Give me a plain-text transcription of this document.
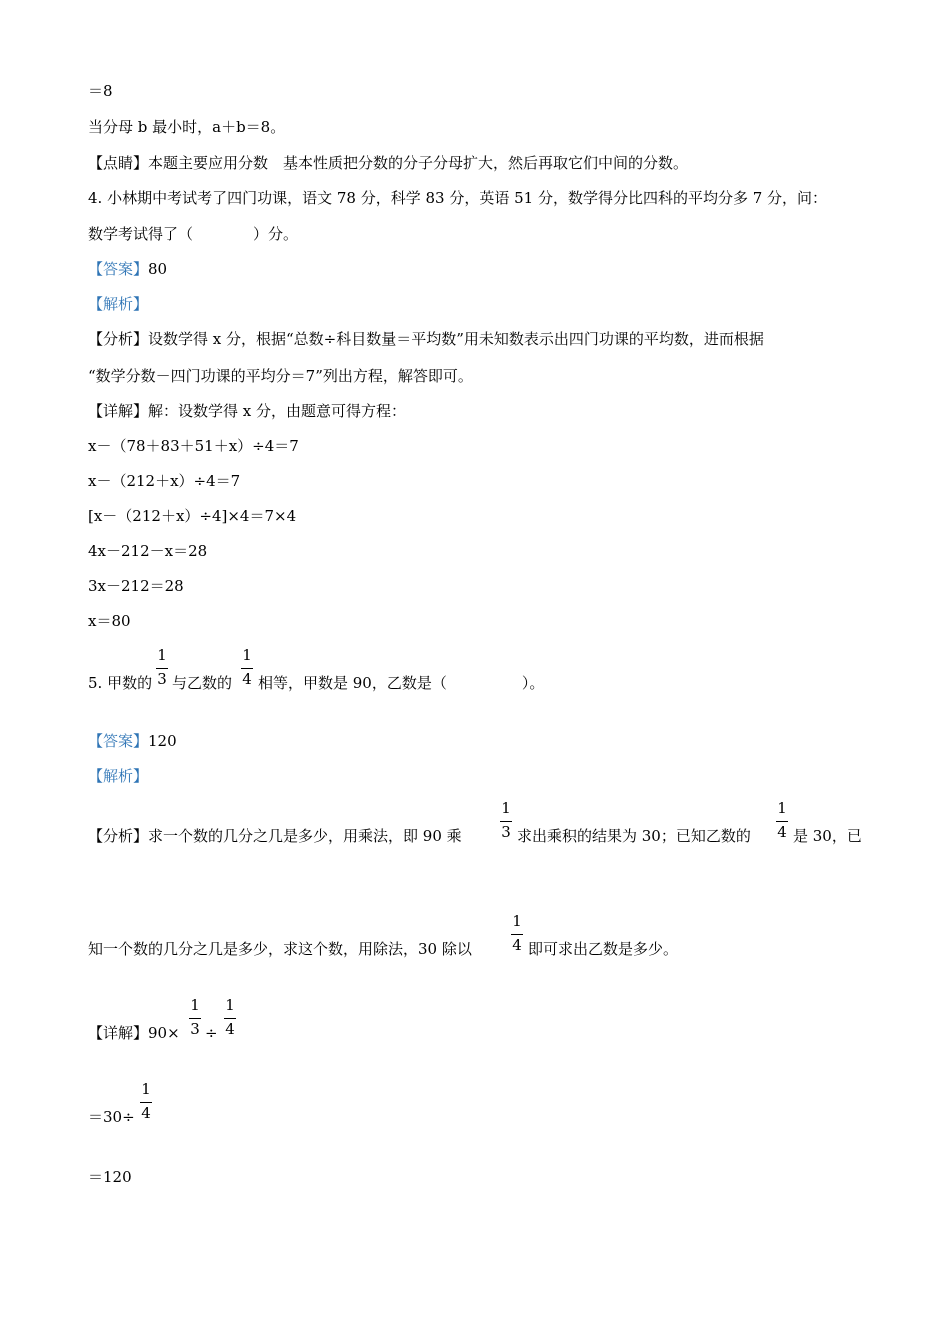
＝8
当分母 b 最小时，a＋b＝8。
【点睛】本题主要应用分数　基本性质把分数的分子分母扩大，然后再取它们中间的分数。
4. 小林期中考试考了四门功课，语文 78 分，科学 83 分，英语 51 分，数学得分比四科的平均分多 7 分，问：
数学考试得了（　　　　）分。
【答案】80
【解析】
【分析】设数学得 x 分，根据“总数÷科目数量＝平均数”用未知数表示出四门功课的平均数，进而根据
“数学分数－四门功课的平均分＝7”列出方程，解答即可。
【详解】解：设数学得 x 分，由题意可得方程：
x－（78＋83＋51＋x）÷4＝7
x－（212＋x）÷4＝7
[x－（212＋x）÷4]×4＝7×4
4x－212－x＝28
3x－212＝28
x＝80
5. 甲数的
1
3 与乙数的
1
4 相等，甲数是 90，乙数是（　　　　　）。
【答案】120
【解析】
【分析】求一个数的几分之几是多少，用乘法，即 90 乘
1
3 求出乘积的结果为 30；已知乙数的
1
4 是 30，已
知一个数的几分之几是多少，求这个数，用除法，30 除以
1
4 即可求出乙数是多少。
【详解】90×
1
3 ÷
1
4
＝30÷
1
4
＝120
